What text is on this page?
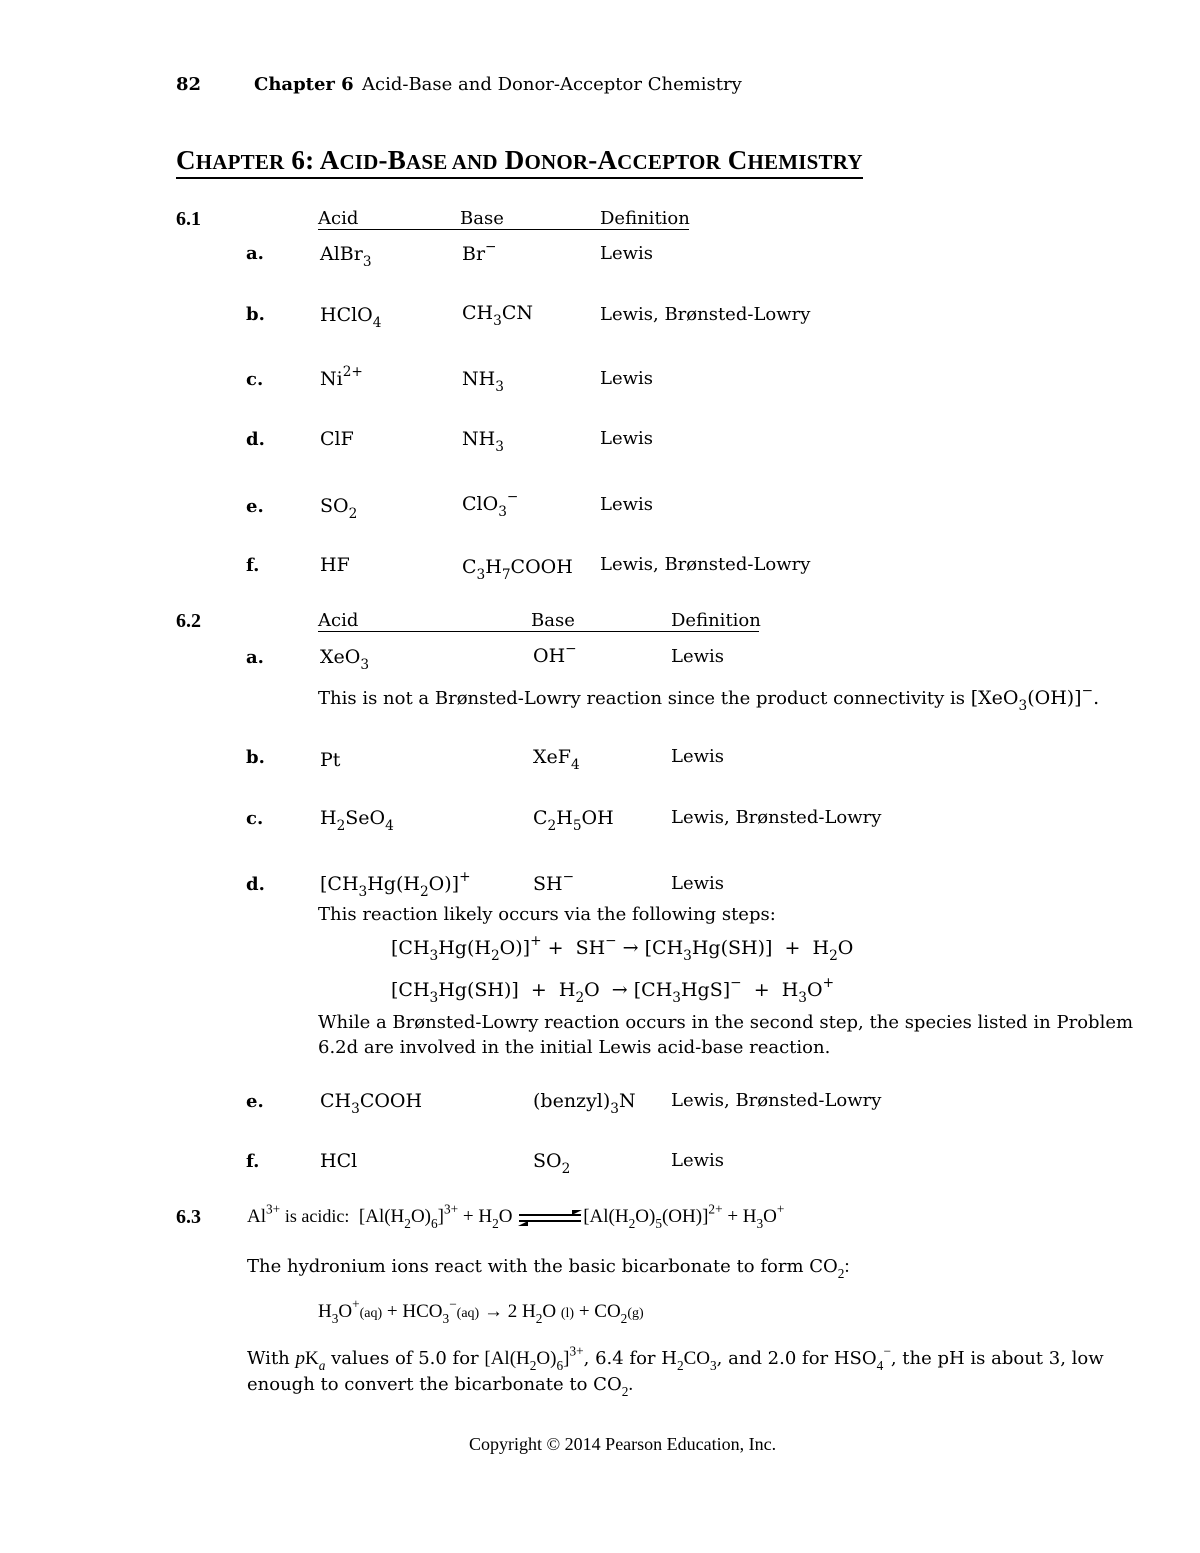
82	Chapter 6 Acid-Base and Donor-Acceptor Chemistry
CHAPTER 6: ACID-BASE AND DONOR-ACCEPTOR CHEMISTRY
6.1	Acid	Base	Definition
a.	AlBr$_3$	Br−	Lewis
b.	HClO$_4$	$CH_3CN$	Lewis, Brønsted-Lowry
c.	$Ni^{2+}$	$NH_3$	Lewis
d.	ClF	$NH_3$	Lewis
e.	$SO_2$	ClO$_3$−	Lewis
f.	HF	$C_3H_7COOH$ Lewis, Brønsted-Lowry
6.2	Acid	Base	Definition
a.	XeO$_3$	OH−	Lewis
This is not a Brønsted-Lowry reaction since the product connectivity is [XeO$_3$(OH)]−.
b.	Pt	XeF$_4$	Lewis
c.	$H_2SeO_4$	$C_2H_5OH$	Lewis, Brønsted-Lowry
d.	$[CH_3Hg(H_2O)]^+$	SH−	Lewis
This reaction likely occurs via the following steps:
$[CH_3Hg(H_2O)]^+ + SH^- \to [CH_3Hg(SH)] + H_2O$
$[CH_3Hg(SH)] + H_2O \to [CH_3HgS]^- + H_3O^+$
While a Brønsted-Lowry reaction occurs in the second step, the species listed in Problem
6.2d are involved in the initial Lewis acid-base reaction.
e.	$CH_3COOH$	$(benzyl)_3N$ Lewis, Brønsted-Lowry
f.	HCl	$SO_2$	Lewis
6.3 $Al^{3+}$ is acidic:  $[Al(H_2O)_6]^{3+} + H_2O$ ⇌ $[Al(H_2O)_5(OH)]^{2+} + H_3O^+$
The hydronium ions react with the basic bicarbonate to form $CO_2$:
$H_3O^+(aq) + HCO_3^-(aq) \to 2$ $H_2O$ $(l) + CO_2(g)$
With $pK_a$ values of 5.0 for $[Al(H_2O)_6]^{3+}$, 6.4 for $H_2CO_3$, and 2.0 for $HSO_4^-$, the pH is about 3, low
enough to convert the bicarbonate to $CO_2$.
Copyright © 2014 Pearson Education, Inc.
